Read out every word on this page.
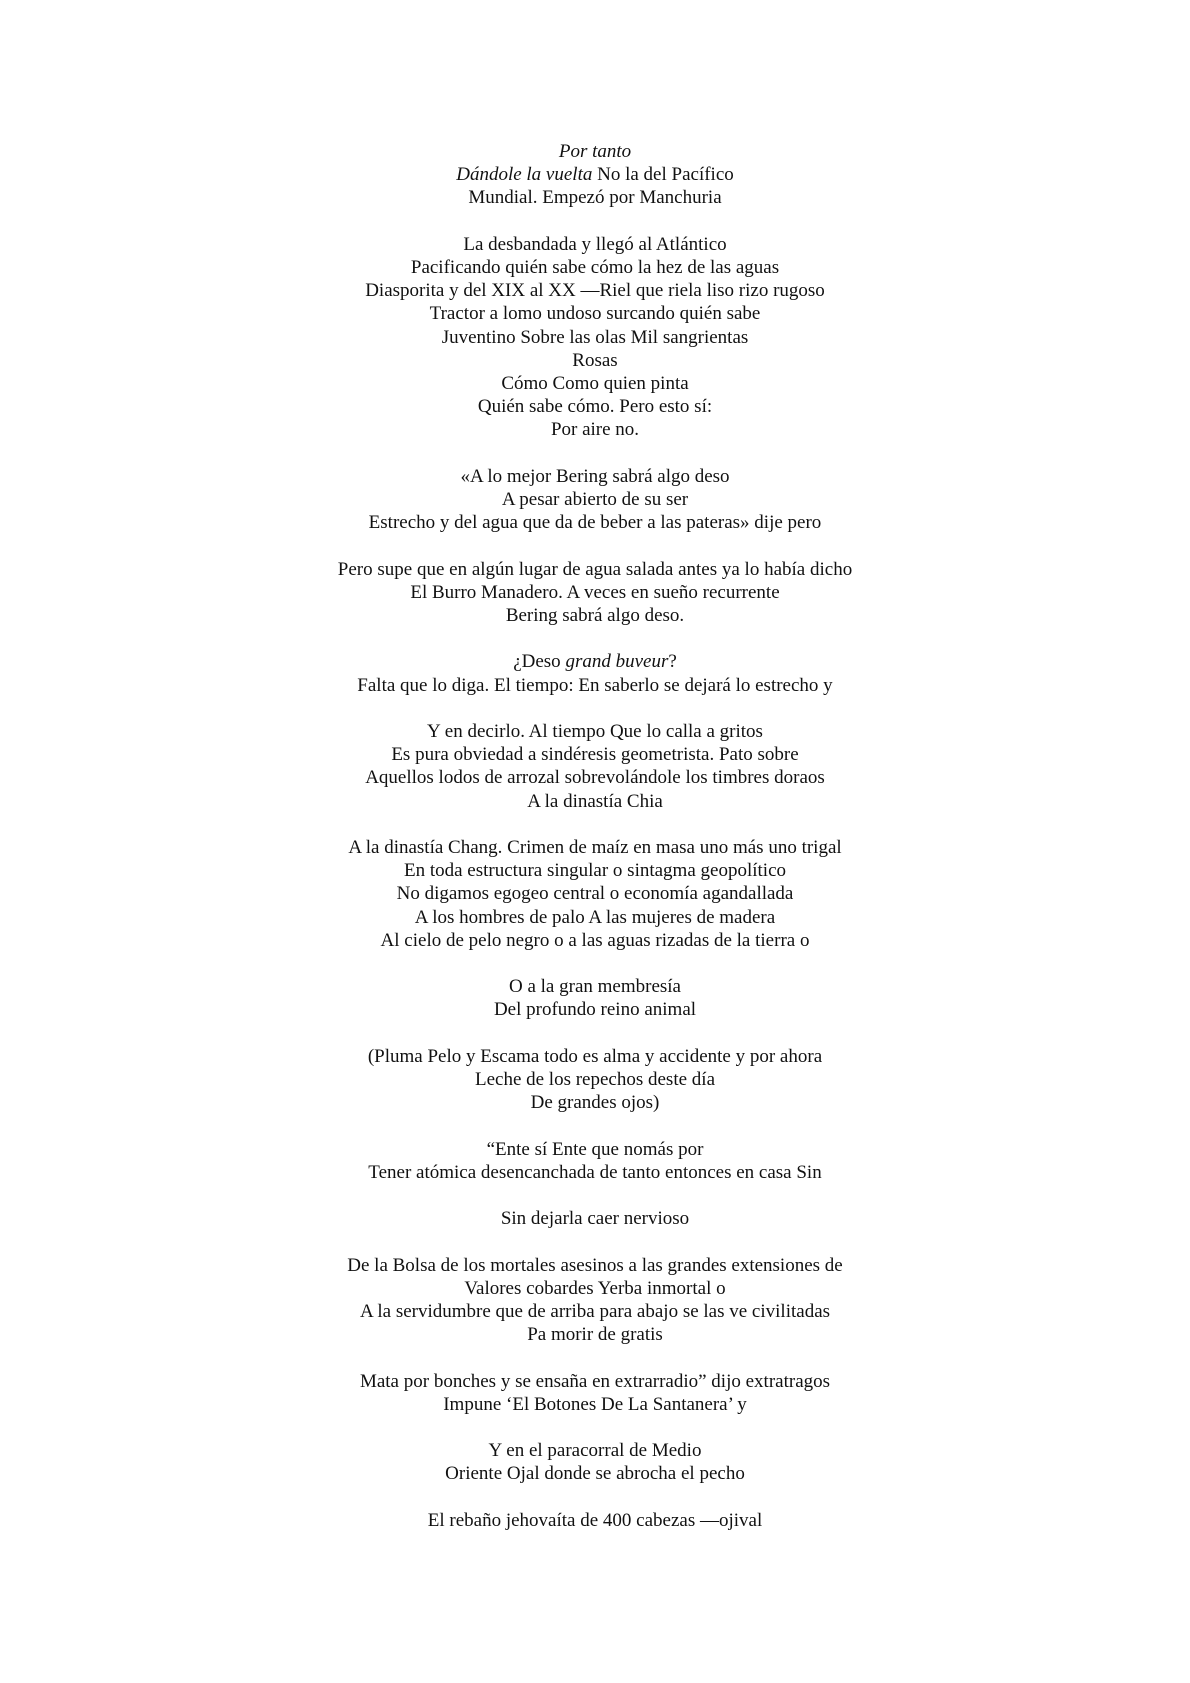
Por tanto
Dándole la vuelta No la del Pacífico
Mundial. Empezó por Manchuria
La desbandada y llegó al Atlántico
Pacificando quién sabe cómo la hez de las aguas
Diasporita y del XIX al XX —Riel que riela liso rizo rugoso
Tractor a lomo undoso surcando quién sabe
Juventino Sobre las olas Mil sangrientas
Rosas
Cómo Como quien pinta
Quién sabe cómo. Pero esto sí:
Por aire no.
«A lo mejor Bering sabrá algo deso
A pesar abierto de su ser
Estrecho y del agua que da de beber a las pateras» dije pero
Pero supe que en algún lugar de agua salada antes ya lo había dicho
El Burro Manadero. A veces en sueño recurrente
Bering sabrá algo deso.
¿Deso grand buveur?
Falta que lo diga. El tiempo: En saberlo se dejará lo estrecho y
Y en decirlo. Al tiempo Que lo calla a gritos
Es pura obviedad a sindéresis geometrista. Pato sobre
Aquellos lodos de arrozal sobrevolándole los timbres doraos
A la dinastía Chia
A la dinastía Chang. Crimen de maíz en masa uno más uno trigal
En toda estructura singular o sintagma geopolítico
No digamos egogeo central o economía agandallada
A los hombres de palo A las mujeres de madera
Al cielo de pelo negro o a las aguas rizadas de la tierra o
O a la gran membresía
Del profundo reino animal
(Pluma Pelo y Escama todo es alma y accidente y por ahora
Leche de los repechos deste día
De grandes ojos)
“Ente sí Ente que nomás por
Tener atómica desencanchada de tanto entonces en casa Sin
Sin dejarla caer nervioso
De la Bolsa de los mortales asesinos a las grandes extensiones de
Valores cobardes Yerba inmortal o
A la servidumbre que de arriba para abajo se las ve civilitadas
Pa morir de gratis
Mata por bonches y se ensaña en extrarradio” dijo extratragos
Impune ‘El Botones De La Santanera’ y
Y en el paracorral de Medio
Oriente Ojal donde se abrocha el pecho
El rebaño jehovaíta de 400 cabezas —ojival
